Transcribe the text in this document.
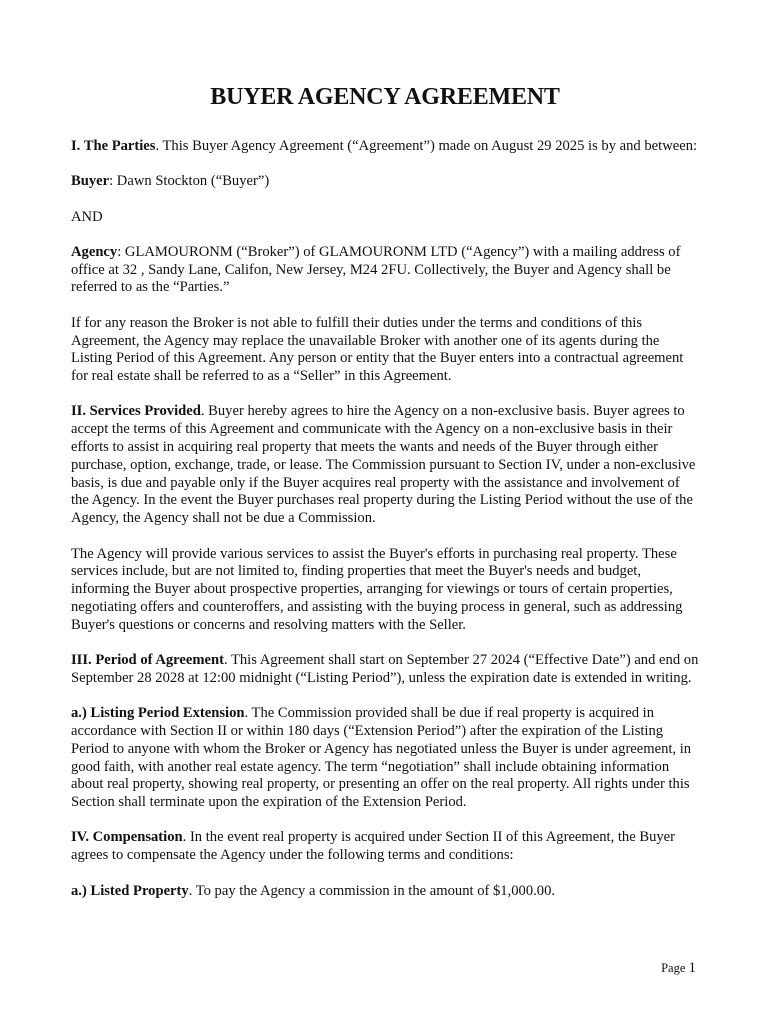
BUYER AGENCY AGREEMENT

I. The Parties. This Buyer Agency Agreement (“Agreement”) made on August 29 2025 is by and between:

Buyer: Dawn Stockton (“Buyer”)

AND

Agency: GLAMOURONM (“Broker”) of GLAMOURONM LTD (“Agency”) with a mailing address of office at 32 , Sandy Lane, Califon, New Jersey, M24 2FU. Collectively, the Buyer and Agency shall be referred to as the “Parties.”

If for any reason the Broker is not able to fulfill their duties under the terms and conditions of this Agreement, the Agency may replace the unavailable Broker with another one of its agents during the Listing Period of this Agreement. Any person or entity that the Buyer enters into a contractual agreement for real estate shall be referred to as a “Seller” in this Agreement.

II. Services Provided. Buyer hereby agrees to hire the Agency on a non-exclusive basis. Buyer agrees to accept the terms of this Agreement and communicate with the Agency on a non-exclusive basis in their efforts to assist in acquiring real property that meets the wants and needs of the Buyer through either purchase, option, exchange, trade, or lease. The Commission pursuant to Section IV, under a non-exclusive basis, is due and payable only if the Buyer acquires real property with the assistance and involvement of the Agency. In the event the Buyer purchases real property during the Listing Period without the use of the Agency, the Agency shall not be due a Commission.

The Agency will provide various services to assist the Buyer's efforts in purchasing real property. These services include, but are not limited to, finding properties that meet the Buyer's needs and budget, informing the Buyer about prospective properties, arranging for viewings or tours of certain properties, negotiating offers and counteroffers, and assisting with the buying process in general, such as addressing Buyer's questions or concerns and resolving matters with the Seller.

III. Period of Agreement. This Agreement shall start on September 27 2024 (“Effective Date”) and end on September 28 2028 at 12:00 midnight (“Listing Period”), unless the expiration date is extended in writing.

a.) Listing Period Extension. The Commission provided shall be due if real property is acquired in accordance with Section II or within 180 days (“Extension Period”) after the expiration of the Listing Period to anyone with whom the Broker or Agency has negotiated unless the Buyer is under agreement, in good faith, with another real estate agency. The term “negotiation” shall include obtaining information about real property, showing real property, or presenting an offer on the real property. All rights under this Section shall terminate upon the expiration of the Extension Period.

IV. Compensation. In the event real property is acquired under Section II of this Agreement, the Buyer agrees to compensate the Agency under the following terms and conditions:

a.) Listed Property. To pay the Agency a commission in the amount of $1,000.00.

Page 1
